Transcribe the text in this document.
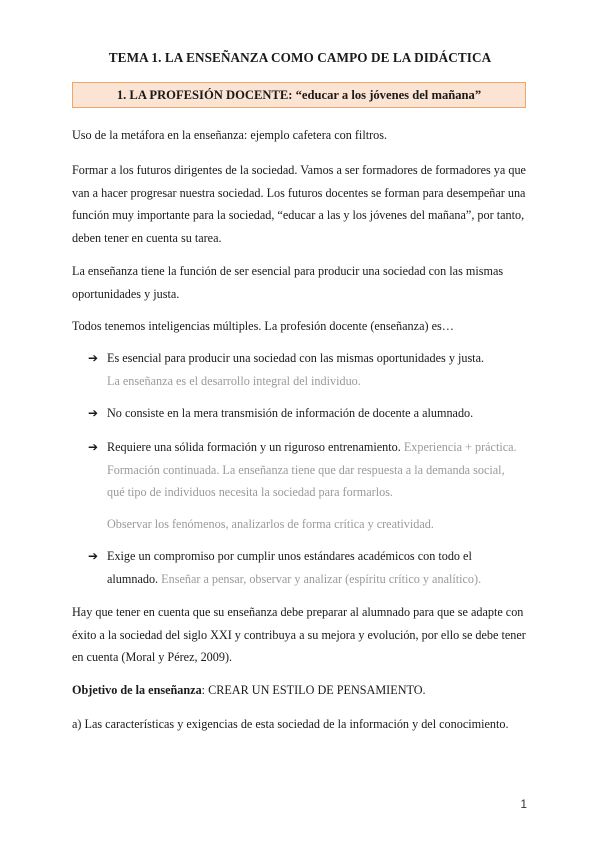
TEMA 1. LA ENSEÑANZA COMO CAMPO DE LA DIDÁCTICA
1. LA PROFESIÓN DOCENTE: “educar a los jóvenes del mañana”
Uso de la metáfora en la enseñanza: ejemplo cafetera con filtros.
Formar a los futuros dirigentes de la sociedad. Vamos a ser formadores de formadores ya que van a hacer progresar nuestra sociedad. Los futuros docentes se forman para desempeñar una función muy importante para la sociedad, “educar a las y los jóvenes del mañana”, por tanto, deben tener en cuenta su tarea.
La enseñanza tiene la función de ser esencial para producir una sociedad con las mismas oportunidades y justa.
Todos tenemos inteligencias múltiples. La profesión docente (enseñanza) es…
➔ Es esencial para producir una sociedad con las mismas oportunidades y justa.
La enseñanza es el desarrollo integral del individuo.
➔ No consiste en la mera transmisión de información de docente a alumnado.
➔ Requiere una sólida formación y un riguroso entrenamiento. Experiencia + práctica. Formación continuada. La enseñanza tiene que dar respuesta a la demanda social, qué tipo de individuos necesita la sociedad para formarlos.
Observar los fenómenos, analizarlos de forma crítica y creatividad.
➔ Exige un compromiso por cumplir unos estándares académicos con todo el alumnado. Enseñar a pensar, observar y analizar (espíritu crítico y analítico).
Hay que tener en cuenta que su enseñanza debe preparar al alumnado para que se adapte con éxito a la sociedad del siglo XXI y contribuya a su mejora y evolución, por ello se debe tener en cuenta (Moral y Pérez, 2009).
Objetivo de la enseñanza: CREAR UN ESTILO DE PENSAMIENTO.
a) Las características y exigencias de esta sociedad de la información y del conocimiento.
1
